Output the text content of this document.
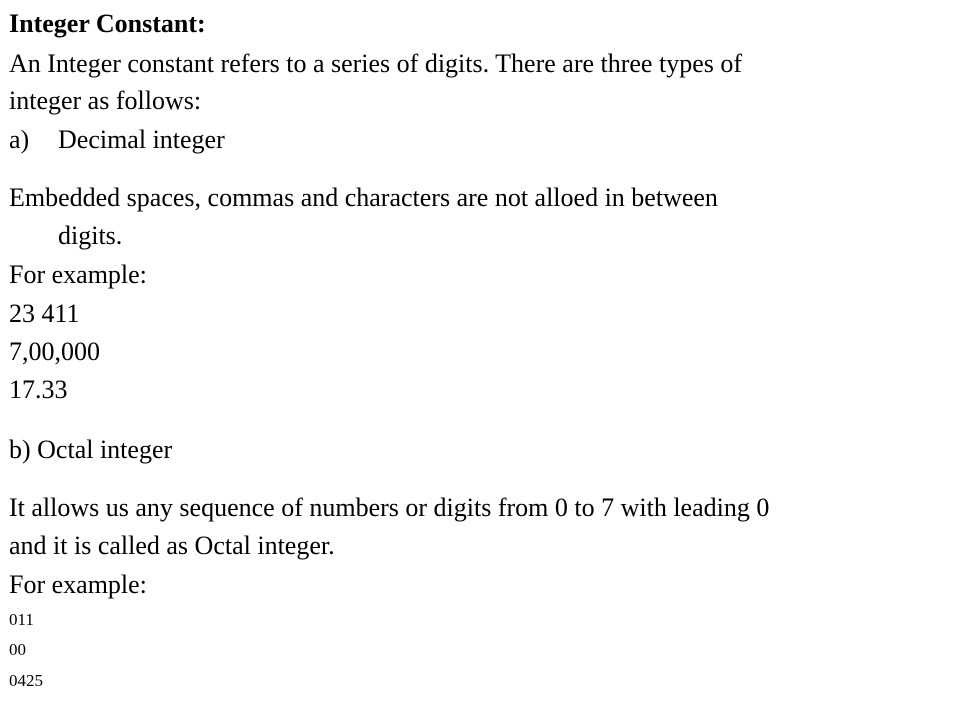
Integer Constant:
An Integer constant refers to a series of digits. There are three types of
integer as follows:
a) Decimal integer
Embedded spaces, commas and characters are not alloed in between
digits.
For example:
23 411
7,00,000
17.33
b) Octal integer
It allows us any sequence of numbers or digits from 0 to 7 with leading 0
and it is called as Octal integer.
For example:
011
00
0425
